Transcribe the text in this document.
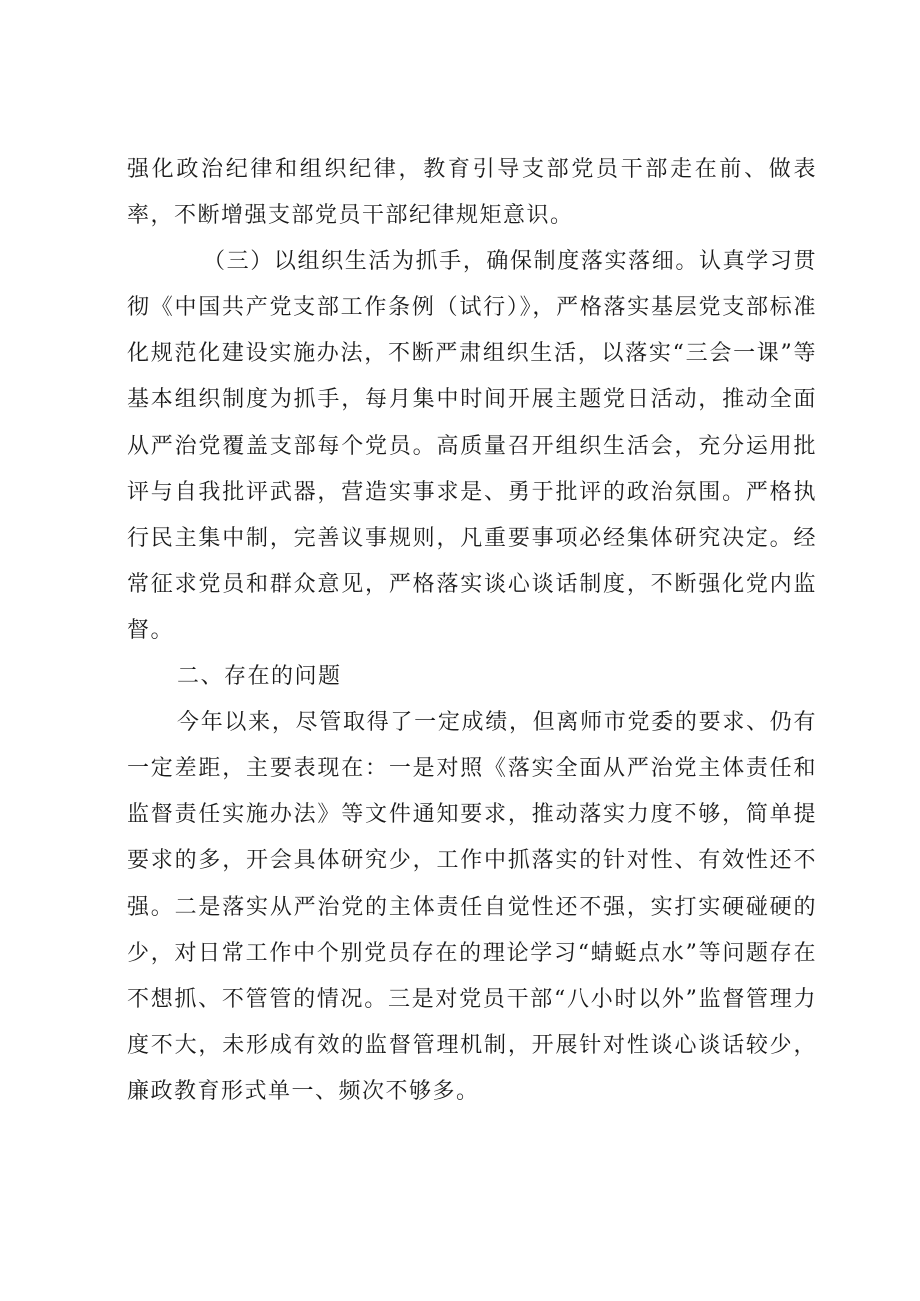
强化政治纪律和组织纪律，教育引导支部党员干部走在前、做表率，不断增强支部党员干部纪律规矩意识。

（三）以组织生活为抓手，确保制度落实落细。认真学习贯彻《中国共产党支部工作条例（试行）》，严格落实基层党支部标准化规范化建设实施办法，不断严肃组织生活，以落实“三会一课”等基本组织制度为抓手，每月集中时间开展主题党日活动，推动全面从严治党覆盖支部每个党员。高质量召开组织生活会，充分运用批评与自我批评武器，营造实事求是、勇于批评的政治氛围。严格执行民主集中制，完善议事规则，凡重要事项必经集体研究决定。经常征求党员和群众意见，严格落实谈心谈话制度，不断强化党内监督。

二、存在的问题

今年以来，尽管取得了一定成绩，但离师市党委的要求、仍有一定差距，主要表现在：一是对照《落实全面从严治党主体责任和监督责任实施办法》等文件通知要求，推动落实力度不够，简单提要求的多，开会具体研究少，工作中抓落实的针对性、有效性还不强。二是落实从严治党的主体责任自觉性还不强，实打实硬碰硬的少，对日常工作中个别党员存在的理论学习“蜻蜓点水”等问题存在不想抓、不管管的情况。三是对党员干部“八小时以外”监督管理力度不大，未形成有效的监督管理机制，开展针对性谈心谈话较少，廉政教育形式单一、频次不够多。
